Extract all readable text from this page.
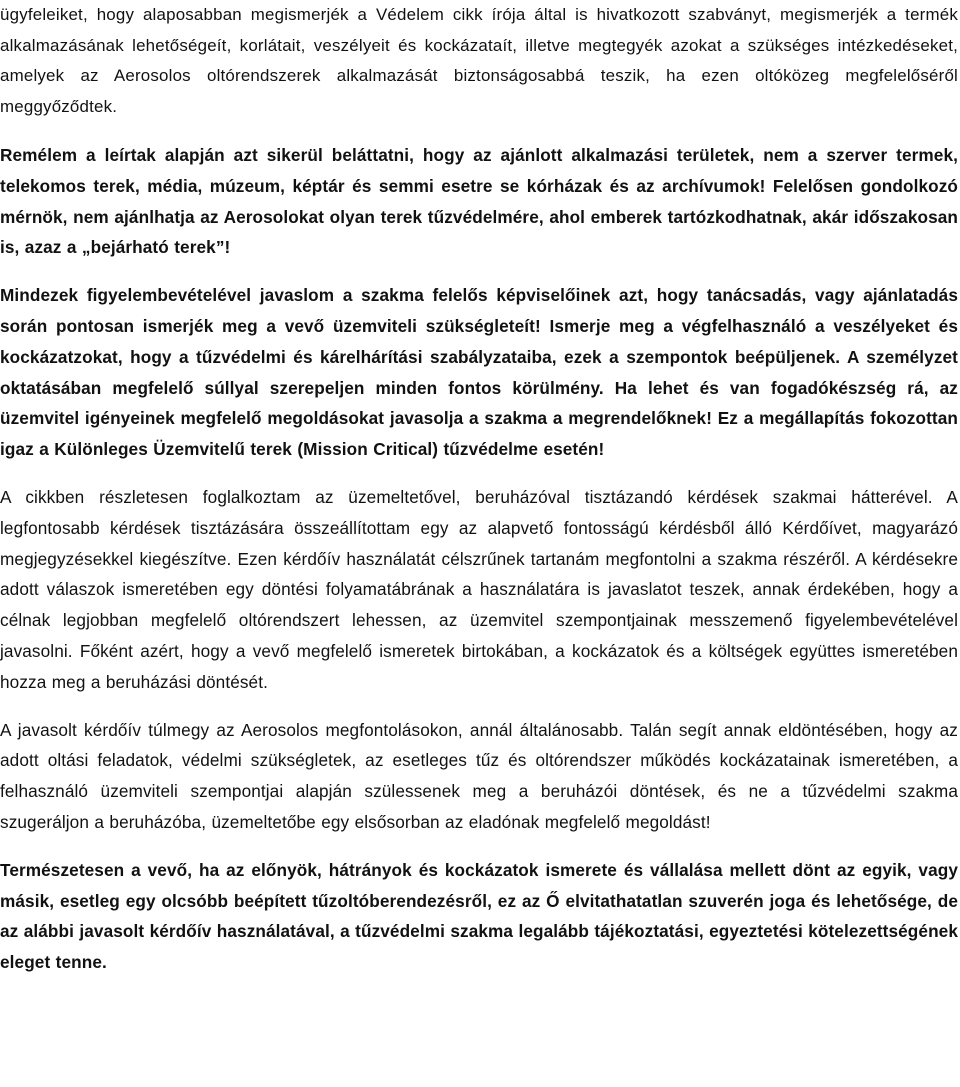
ügyfeleiket, hogy alaposabban megismerjék a Védelem cikk írója által is hivatkozott szabványt, megismerjék a termék alkalmazásának lehetőségeít, korlátait, veszélyeit és kockázataít, illetve megtegyék azokat a szükséges intézkedéseket, amelyek az Aerosolos oltórendszerek alkalmazását biztonságosabbá teszik, ha ezen oltóközeg megfelelőséről meggyőződtek.

Remélem a leírtak alapján azt sikerül beláttatni, hogy az ajánlott alkalmazási területek, nem a szerver termek, telekomos terek, média, múzeum, képtár és semmi esetre se kórházak és az archívumok! Felelősen gondolkozó mérnök, nem ajánlhatja az Aerosolokat olyan terek tűzvédelmére, ahol emberek tartózkodhatnak, akár időszakosan is, azaz a „bejárható terek”!

Mindezek figyelembevételével javaslom a szakma felelős képviselőinek azt, hogy tanácsadás, vagy ajánlatadás során pontosan ismerjék meg a vevő üzemviteli szükségleteít! Ismerje meg a végfelhasználó a veszélyeket és kockázatzokat, hogy a tűzvédelmi és kárelhárítási szabályzataiba, ezek a szempontok beépüljenek. A személyzet oktatásában megfelelő súllyal szerepeljen minden fontos körülmény. Ha lehet és van fogadókészség rá, az üzemvitel igényeinek megfelelő megoldásokat javasolja a szakma a megrendelőknek! Ez a megállapítás fokozottan igaz a Különleges Üzemvitelű terek (Mission Critical) tűzvédelme esetén!

A cikkben részletesen foglalkoztam az üzemeltetővel, beruházóval tisztázandó kérdések szakmai hátterével. A legfontosabb kérdések tisztázására összeállítottam egy az alapvető fontosságú kérdésből álló Kérdőívet, magyarázó megjegyzésekkel kiegészítve. Ezen kérdőív használatát célszrűnek tartanám megfontolni a szakma részéről. A kérdésekre adott válaszok ismeretében egy döntési folyamatábrának a használatára is javaslatot teszek, annak érdekében, hogy a célnak legjobban megfelelő oltórendszert lehessen, az üzemvitel szempontjainak messzemenő figyelembevételével javasolni. Főként azért, hogy a vevő megfelelő ismeretek birtokában, a kockázatok és a költségek együttes ismeretében hozza meg a beruházási döntését.

A javasolt kérdőív túlmegy az Aerosolos megfontolásokon, annál általánosabb. Talán segít annak eldöntésében, hogy az adott oltási feladatok, védelmi szükségletek, az esetleges tűz és oltórendszer működés kockázatainak ismeretében, a felhasználó üzemviteli szempontjai alapján szülessenek meg a beruházói döntések, és ne a tűzvédelmi szakma szugeráljon a beruházóba, üzemeltetőbe egy elsősorban az eladónak megfelelő megoldást!

Természetesen a vevő, ha az előnyök, hátrányok és kockázatok ismerete és vállalása mellett dönt az egyik, vagy másik, esetleg egy olcsóbb beépített tűzoltóberendezésről, ez az Ő elvitathatatlan szuverén joga és lehetősége, de az alábbi javasolt kérdőív használatával, a tűzvédelmi szakma legalább tájékoztatási, egyeztetési kötelezettségének eleget tenne.
